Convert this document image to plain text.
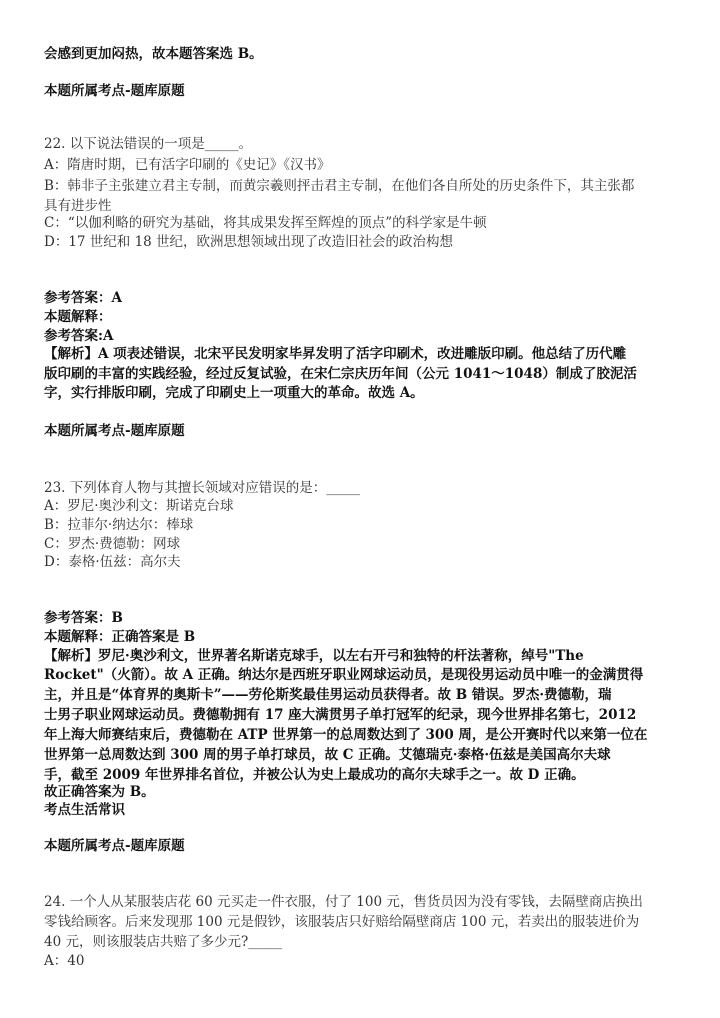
会感到更加闷热，故本题答案选 B。
本题所属考点-题库原题
22. 以下说法错误的一项是_____。
A：隋唐时期，已有活字印刷的《史记》《汉书》
B：韩非子主张建立君主专制，而黄宗羲则抨击君主专制，在他们各自所处的历史条件下，其主张都
具有进步性
C：“以伽利略的研究为基础，将其成果发挥至辉煌的顶点”的科学家是牛顿
D：17 世纪和 18 世纪，欧洲思想领域出现了改造旧社会的政治构想
参考答案：A
本题解释：
参考答案:A
【解析】A 项表述错误，北宋平民发明家毕昇发明了活字印刷术，改进雕版印刷。他总结了历代雕
版印刷的丰富的实践经验，经过反复试验，在宋仁宗庆历年间（公元 1041～1048）制成了胶泥活
字，实行排版印刷，完成了印刷史上一项重大的革命。故选 A。
本题所属考点-题库原题
23. 下列体育人物与其擅长领域对应错误的是：_____
A：罗尼·奥沙利文：斯诺克台球
B：拉菲尔·纳达尔：棒球
C：罗杰·费德勒：网球
D：泰格·伍兹：高尔夫
参考答案：B
本题解释：正确答案是 B
【解析】罗尼·奥沙利文，世界著名斯诺克球手，以左右开弓和独特的杆法著称，绰号"The
Rocket"（火箭）。故 A 正确。纳达尔是西班牙职业网球运动员，是现役男运动员中唯一的金满贯得
主，并且是“体育界的奥斯卡”——劳伦斯奖最佳男运动员获得者。故 B 错误。罗杰·费德勒，瑞
士男子职业网球运动员。费德勒拥有 17 座大满贯男子单打冠军的纪录，现今世界排名第七，2012
年上海大师赛结束后，费德勒在 ATP 世界第一的总周数达到了 300 周，是公开赛时代以来第一位在
世界第一总周数达到 300 周的男子单打球员，故 C 正确。艾德瑞克·泰格·伍兹是美国高尔夫球
手，截至 2009 年世界排名首位，并被公认为史上最成功的高尔夫球手之一。故 D 正确。
故正确答案为 B。
考点生活常识
本题所属考点-题库原题
24. 一个人从某服装店花 60 元买走一件衣服，付了 100 元，售货员因为没有零钱，去隔壁商店换出
零钱给顾客。后来发现那 100 元是假钞，该服装店只好赔给隔壁商店 100 元，若卖出的服装进价为
40 元，则该服装店共赔了多少元?_____
A：40
